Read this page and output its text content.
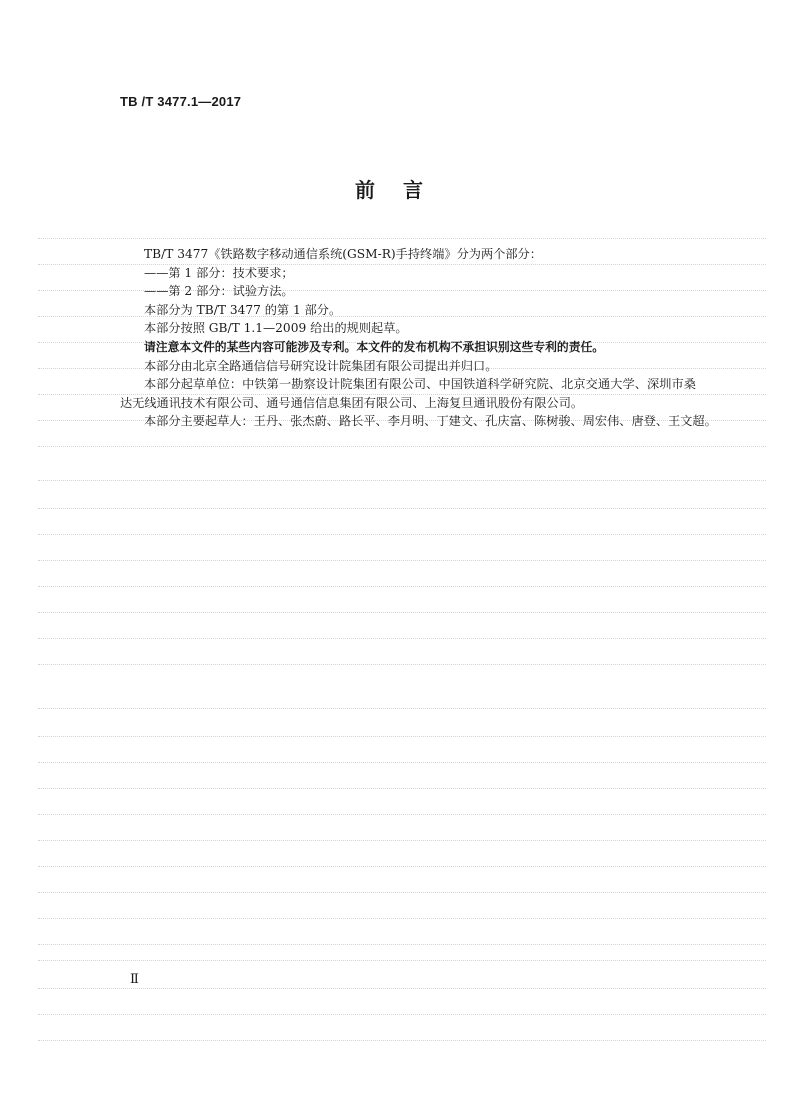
TB /T 3477.1—2017
前言

TB/T 3477《铁路数字移动通信系统(GSM-R)手持终端》分为两个部分：

——第 1 部分：技术要求；

——第 2 部分：试验方法。

本部分为 TB/T 3477 的第 1 部分。

本部分按照 GB/T 1.1—2009 给出的规则起草。

请注意本文件的某些内容可能涉及专利。本文件的发布机构不承担识别这些专利的责任。

本部分由北京全路通信信号研究设计院集团有限公司提出并归口。

本部分起草单位：中铁第一勘察设计院集团有限公司、中国铁道科学研究院、北京交通大学、深圳市桑达无线通讯技术有限公司、通号通信信息集团有限公司、上海复旦通讯股份有限公司。

本部分主要起草人：王丹、张杰蔚、路长平、李月明、丁建文、孔庆富、陈树骏、周宏伟、唐登、王文超。

Ⅱ
